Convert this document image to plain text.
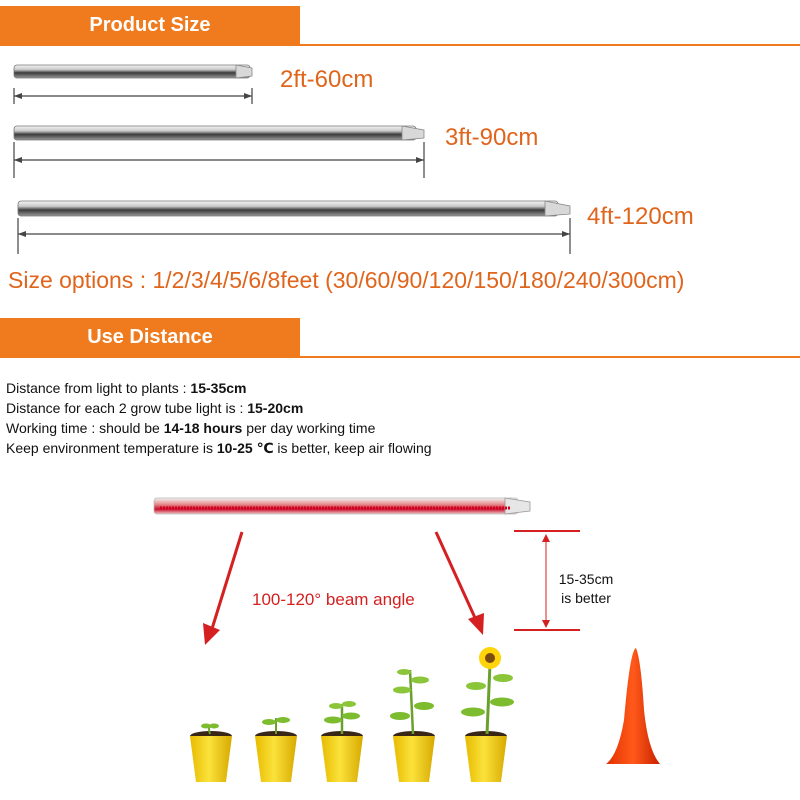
Product Size
2ft-60cm
3ft-90cm
4ft-120cm
Size options : 1/2/3/4/5/6/8feet (30/60/90/120/150/180/240/300cm)
Use Distance
Distance from light to plants : 15-35cm
Distance for each 2 grow tube light is : 15-20cm
Working time : should be 14-18 hours per day working time
Keep environment temperature is 10-25 ℃ is better, keep air flowing
100-120° beam angle
15-35cm
is better
